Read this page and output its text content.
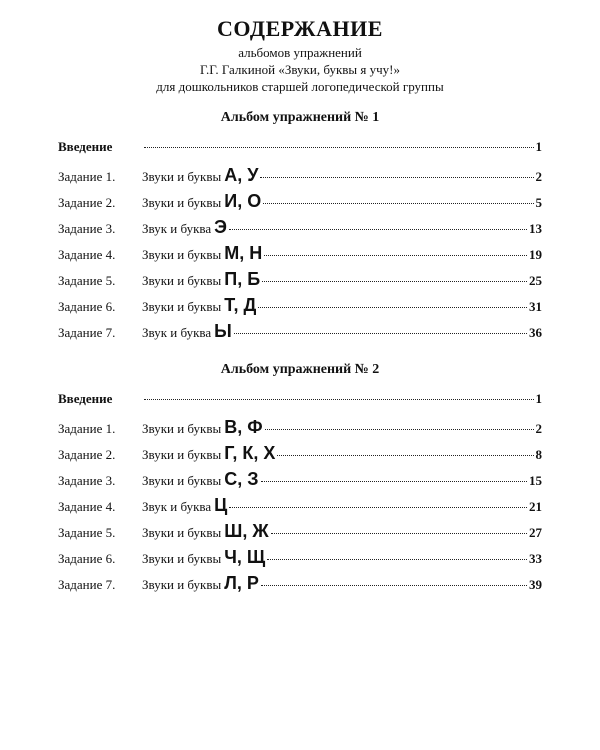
СОДЕРЖАНИЕ
альбомов упражнений
Г.Г. Галкиной «Звуки, буквы я учу!»
для дошкольников старшей логопедической группы
Альбом упражнений № 1
Введение	1
Задание 1.	Звуки и буквы А, У	2
Задание 2.	Звуки и буквы И, О	5
Задание 3.	Звук и буква Э	13
Задание 4.	Звуки и буквы М, Н	19
Задание 5.	Звуки и буквы П, Б	25
Задание 6.	Звуки и буквы Т, Д	31
Задание 7.	Звук и буква Ы	36
Альбом упражнений № 2
Введение	1
Задание 1.	Звуки и буквы В, Ф	2
Задание 2.	Звуки и буквы Г, К, Х	8
Задание 3.	Звуки и буквы С, З	15
Задание 4.	Звук и буква Ц	21
Задание 5.	Звуки и буквы Ш, Ж	27
Задание 6.	Звуки и буквы Ч, Щ	33
Задание 7.	Звуки и буквы Л, Р	39
